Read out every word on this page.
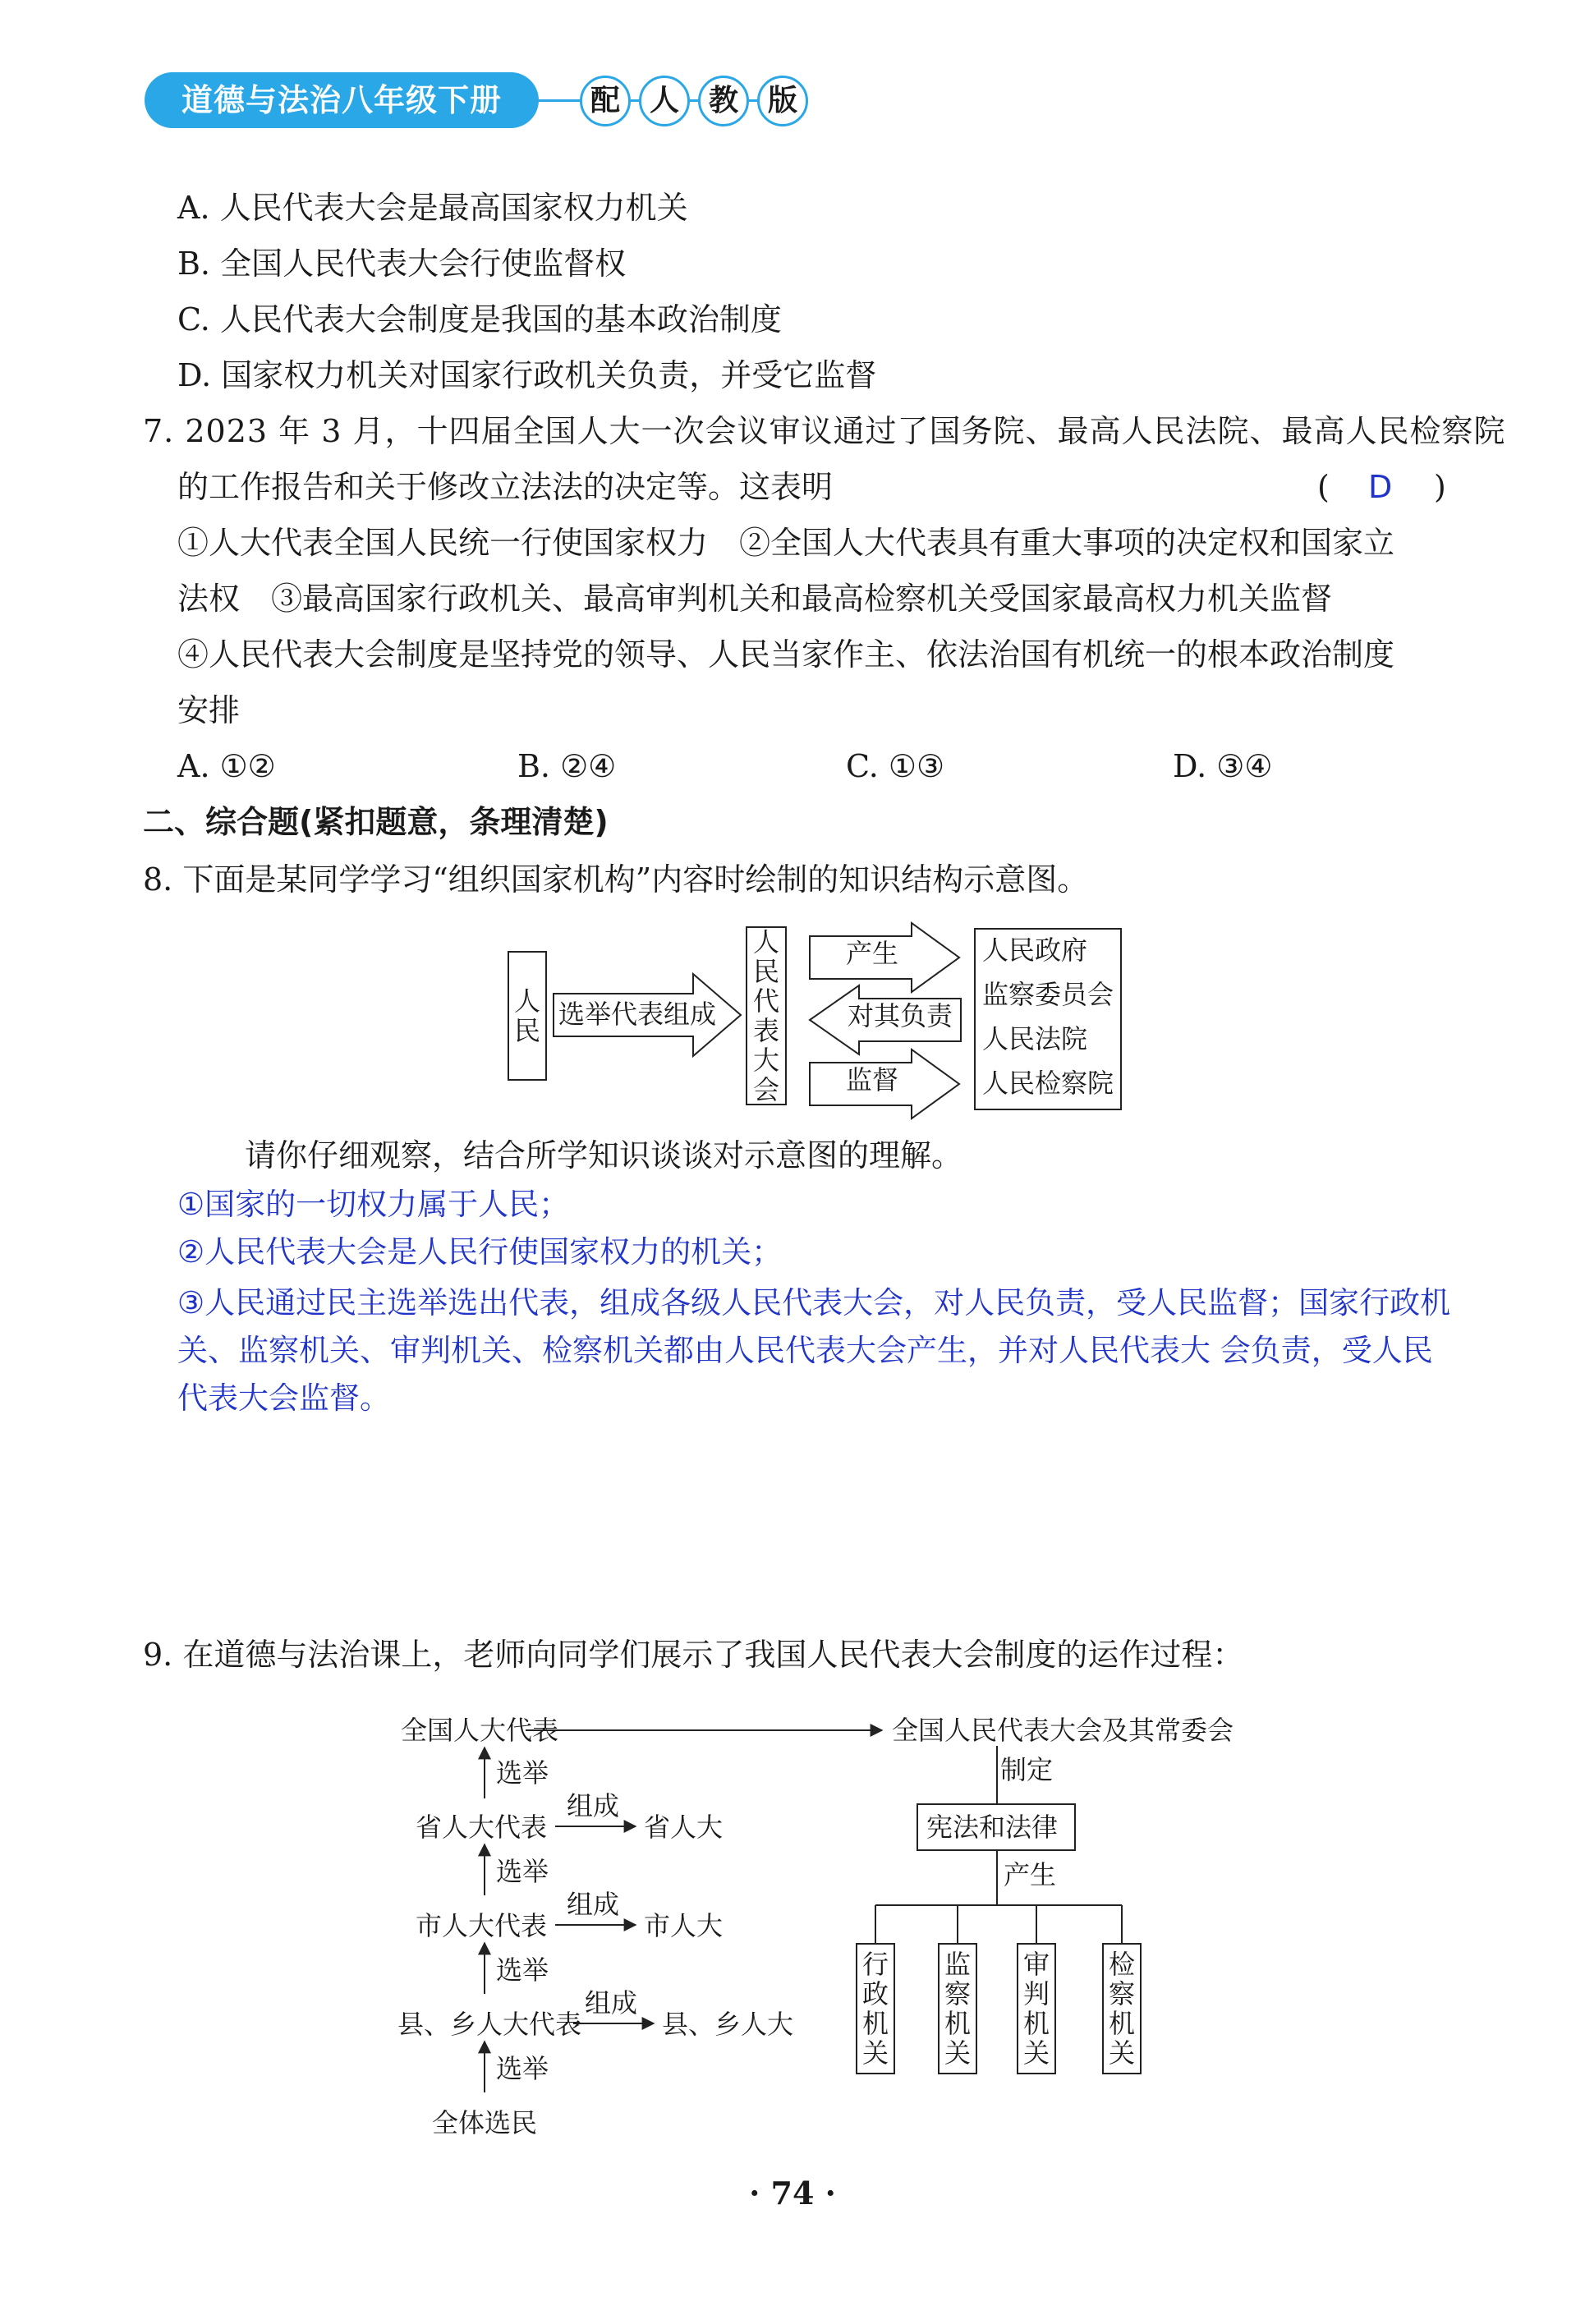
道德与法治八年级下册	配 人 教 版
A. 人民代表大会是最高国家权力机关
B. 全国人民代表大会行使监督权
C. 人民代表大会制度是我国的基本政治制度
D. 国家权力机关对国家行政机关负责，并受它监督
7. 2023 年 3 月，十四届全国人大一次会议审议通过了国务院、最高人民法院、最高人民检察院
的工作报告和关于修改立法法的决定等。这表明	( D )
①人大代表全国人民统一行使国家权力　②全国人大代表具有重大事项的决定权和国家立
法权　③最高国家行政机关、最高审判机关和最高检察机关受国家最高权力机关监督
④人民代表大会制度是坚持党的领导、人民当家作主、依法治国有机统一的根本政治制度
安排
A. ①②	B. ②④	C. ①③	D. ③④
二、综合题(紧扣题意，条理清楚)
8. 下面是某同学学习“组织国家机构”内容时绘制的知识结构示意图。
人民
选举代表组成
人民代表大会
产生
对其负责
监督
人民政府
监察委员会
人民法院
人民检察院
请你仔细观察，结合所学知识谈谈对示意图的理解。
①国家的一切权力属于人民；
②人民代表大会是人民行使国家权力的机关；
③人民通过民主选举选出代表，组成各级人民代表大会，对人民负责，受人民监督；国家行政机关、监察机关、审判机关、检察机关都由人民代表大会产生，并对人民代表大 会负责，受人民代表大会监督。
9. 在道德与法治课上，老师向同学们展示了我国人民代表大会制度的运作过程：
全国人大代表	全国人民代表大会及其常委会
制定
宪法和法律
产生
选举
省人大代表
组成
省人大
选举
市人大代表
组成
市人大
选举
县、乡人大代表
组成
县、乡人大
选举
全体选民
行政机关
监察机关
审判机关
检察机关
· 74 ·
